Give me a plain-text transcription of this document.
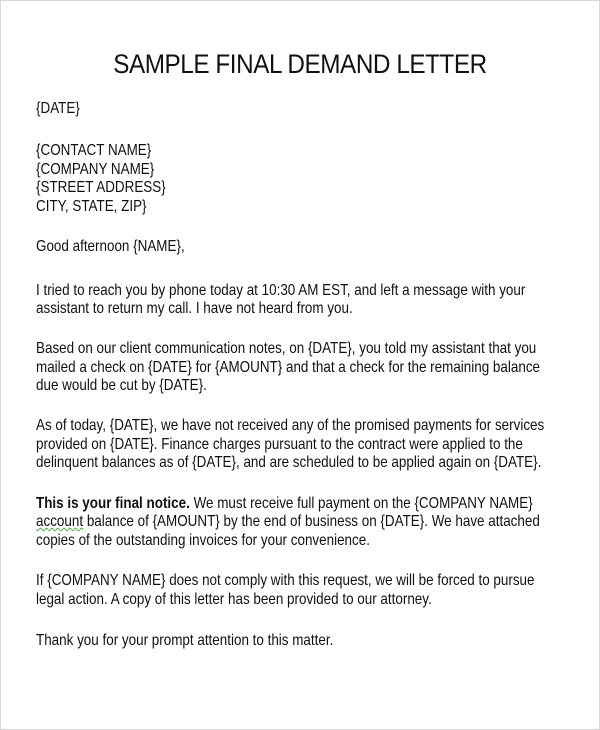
SAMPLE FINAL DEMAND LETTER
{DATE}
{CONTACT NAME}
{COMPANY NAME}
{STREET ADDRESS}
CITY, STATE, ZIP}
Good afternoon {NAME},
I tried to reach you by phone today at 10:30 AM EST, and left a message with your
assistant to return my call. I have not heard from you.
Based on our client communication notes, on {DATE}, you told my assistant that you
mailed a check on {DATE} for {AMOUNT} and that a check for the remaining balance
due would be cut by {DATE}.
As of today, {DATE}, we have not received any of the promised payments for services
provided on {DATE}. Finance charges pursuant to the contract were applied to the
delinquent balances as of {DATE}, and are scheduled to be applied again on {DATE}.
This is your final notice. We must receive full payment on the {COMPANY NAME}
account balance of {AMOUNT} by the end of business on {DATE}. We have attached
copies of the outstanding invoices for your convenience.
If {COMPANY NAME} does not comply with this request, we will be forced to pursue
legal action. A copy of this letter has been provided to our attorney.
Thank you for your prompt attention to this matter.
